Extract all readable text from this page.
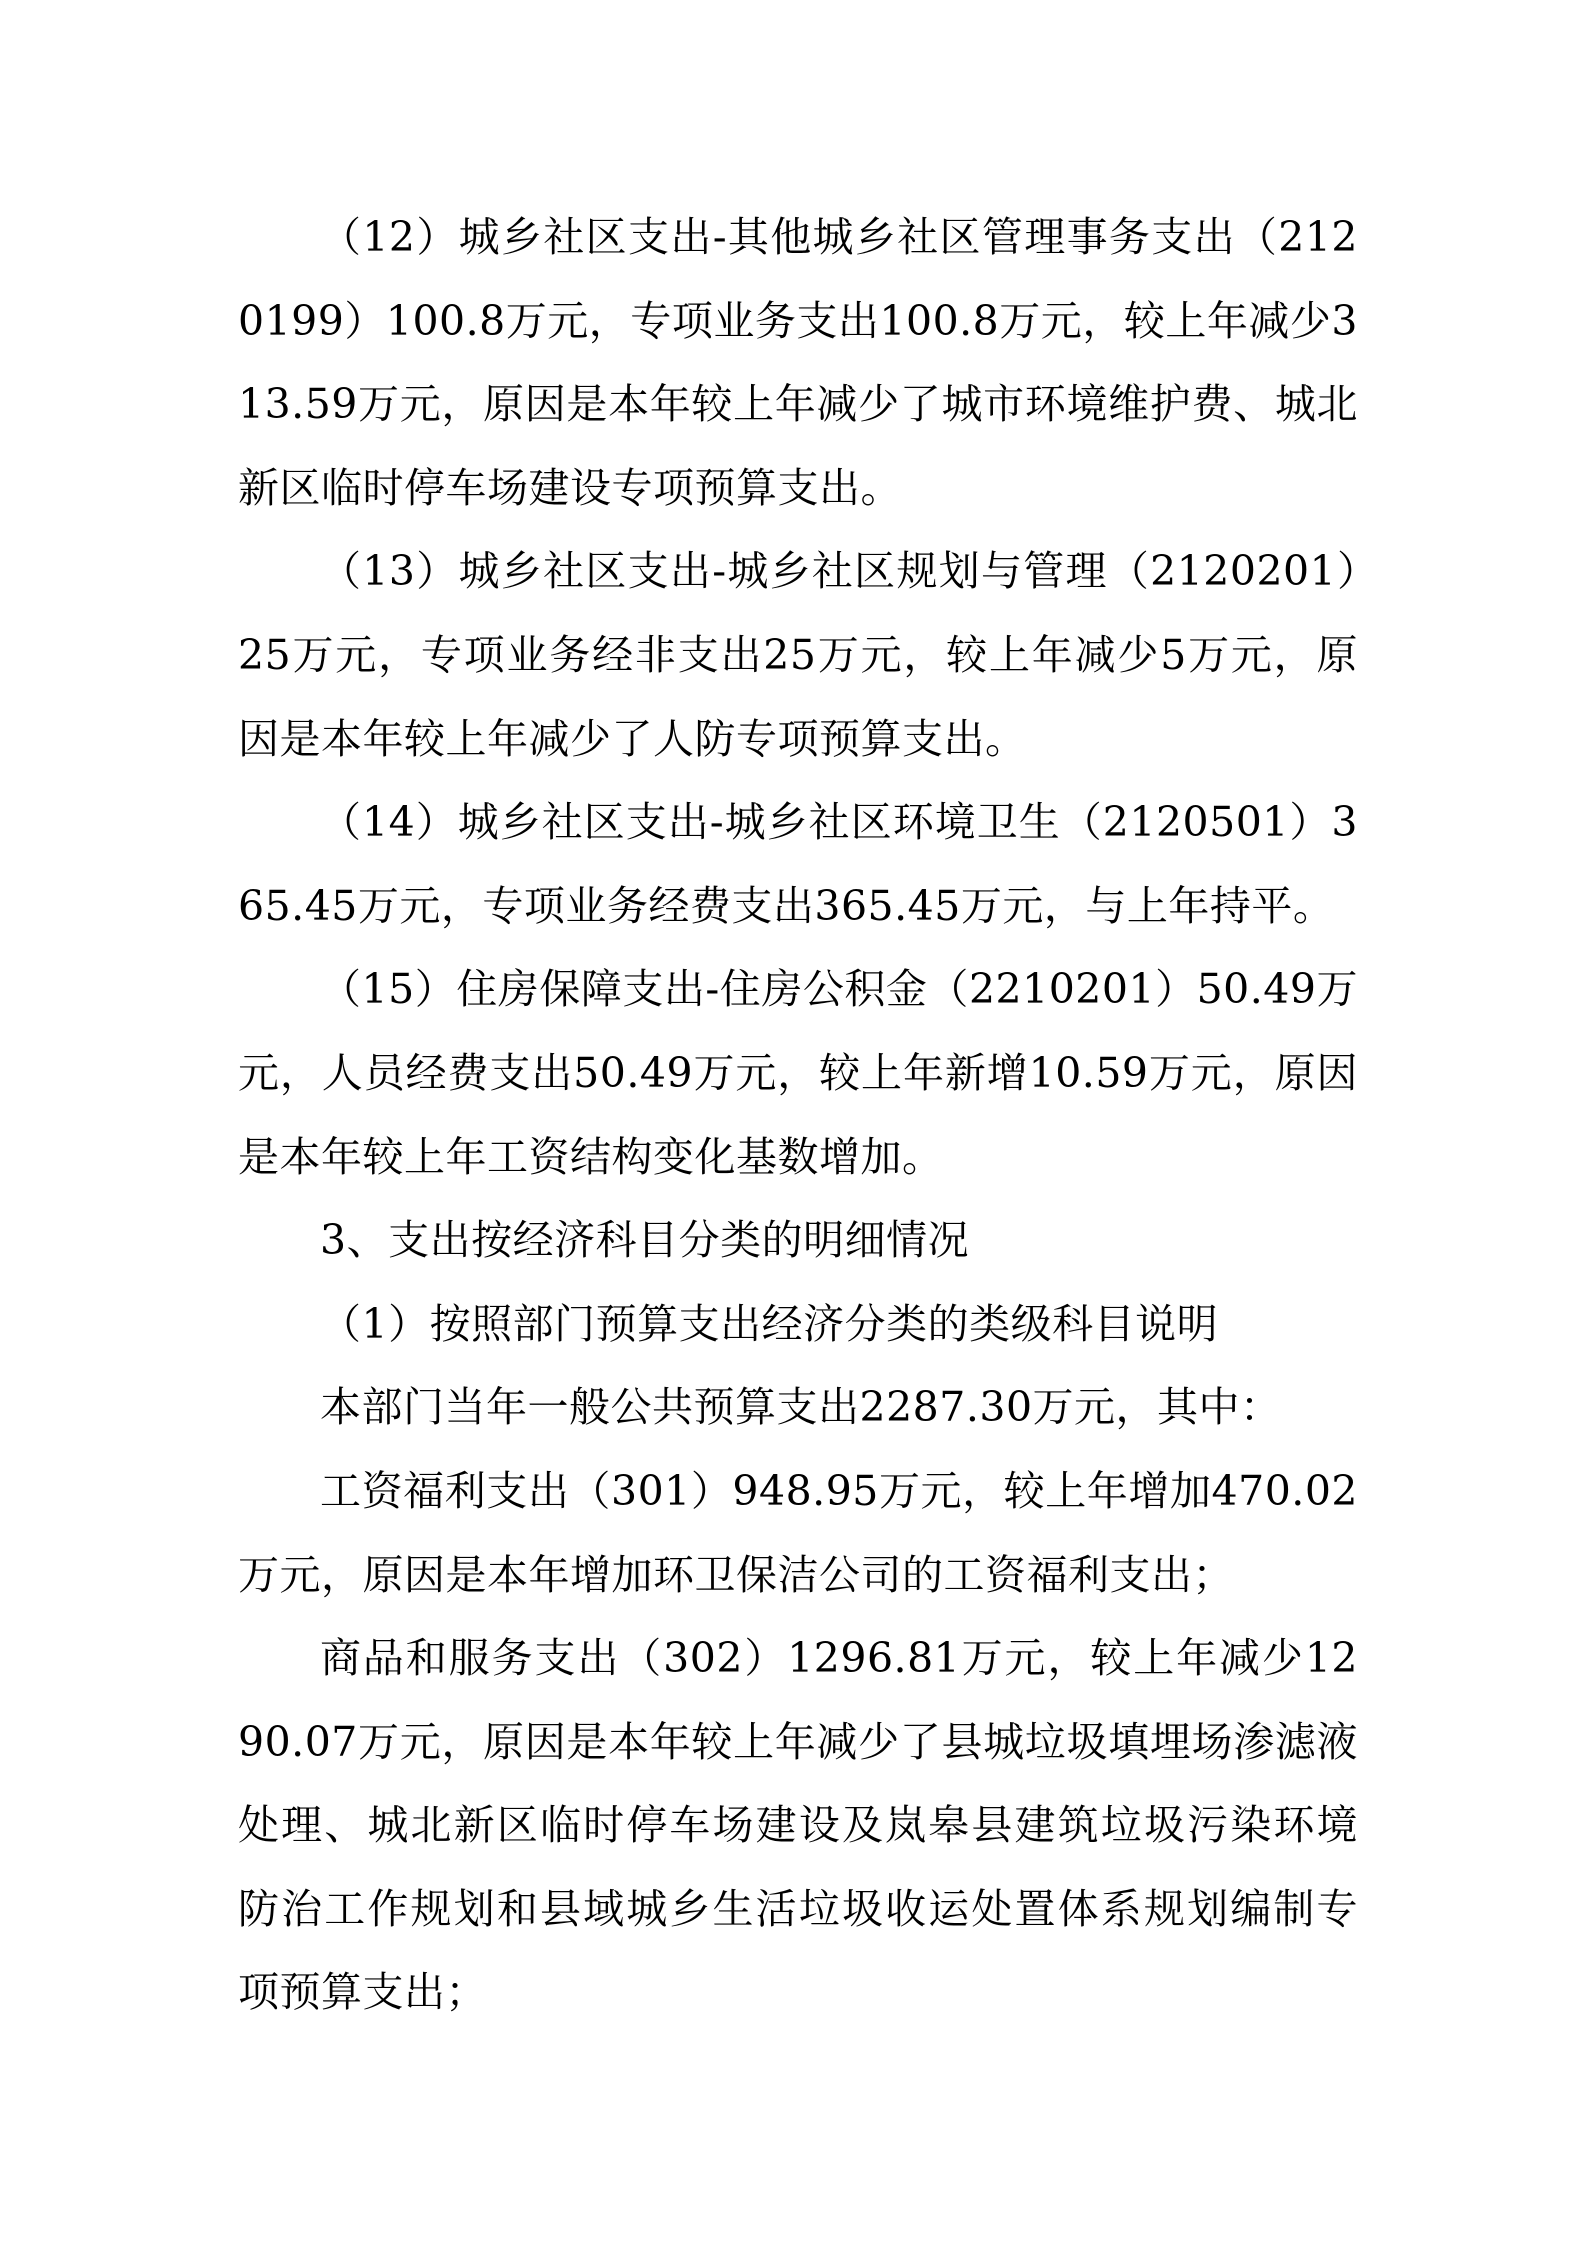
（12）城乡社区支出-其他城乡社区管理事务支出（2120199）100.8万元，专项业务支出100.8万元，较上年减少313.59万元，原因是本年较上年减少了城市环境维护费、城北新区临时停车场建设专项预算支出。

（13）城乡社区支出-城乡社区规划与管理（2120201）25万元，专项业务经非支出25万元，较上年减少5万元，原因是本年较上年减少了人防专项预算支出。

（14）城乡社区支出-城乡社区环境卫生（2120501）365.45万元，专项业务经费支出365.45万元，与上年持平。

（15）住房保障支出-住房公积金（2210201）50.49万元，人员经费支出50.49万元，较上年新增10.59万元，原因是本年较上年工资结构变化基数增加。

3、支出按经济科目分类的明细情况

（1）按照部门预算支出经济分类的类级科目说明

本部门当年一般公共预算支出2287.30万元，其中：

工资福利支出（301）948.95万元，较上年增加470.02万元，原因是本年增加环卫保洁公司的工资福利支出；

商品和服务支出（302）1296.81万元，较上年减少1290.07万元，原因是本年较上年减少了县城垃圾填埋场渗滤液处理、城北新区临时停车场建设及岚皋县建筑垃圾污染环境防治工作规划和县域城乡生活垃圾收运处置体系规划编制专项预算支出；
